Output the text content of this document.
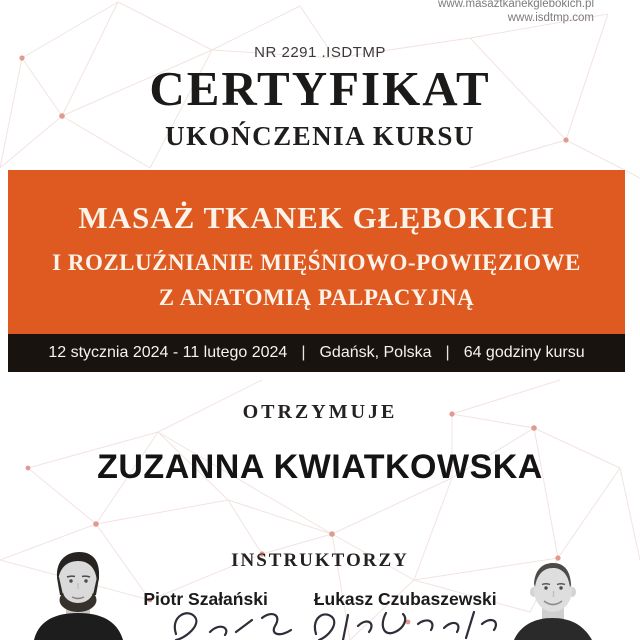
www.masaztkanekglebokich.pl
www.isdtmp.com
NR 2291 .ISDTMP
CERTYFIKAT
UKOŃCZENIA KURSU
MASAŻ TKANEK GŁĘBOKICH
I ROZLUŹNIANIE MIĘŚNIOWO-POWIĘZIOWE
Z ANATOMIĄ PALPACYJNĄ
12 stycznia 2024 - 11 lutego 2024 | Gdańsk, Polska | 64 godziny kursu
OTRZYMUJE
ZUZANNA KWIATKOWSKA
INSTRUKTORZY
Piotr Szałański	Łukasz Czubaszewski
